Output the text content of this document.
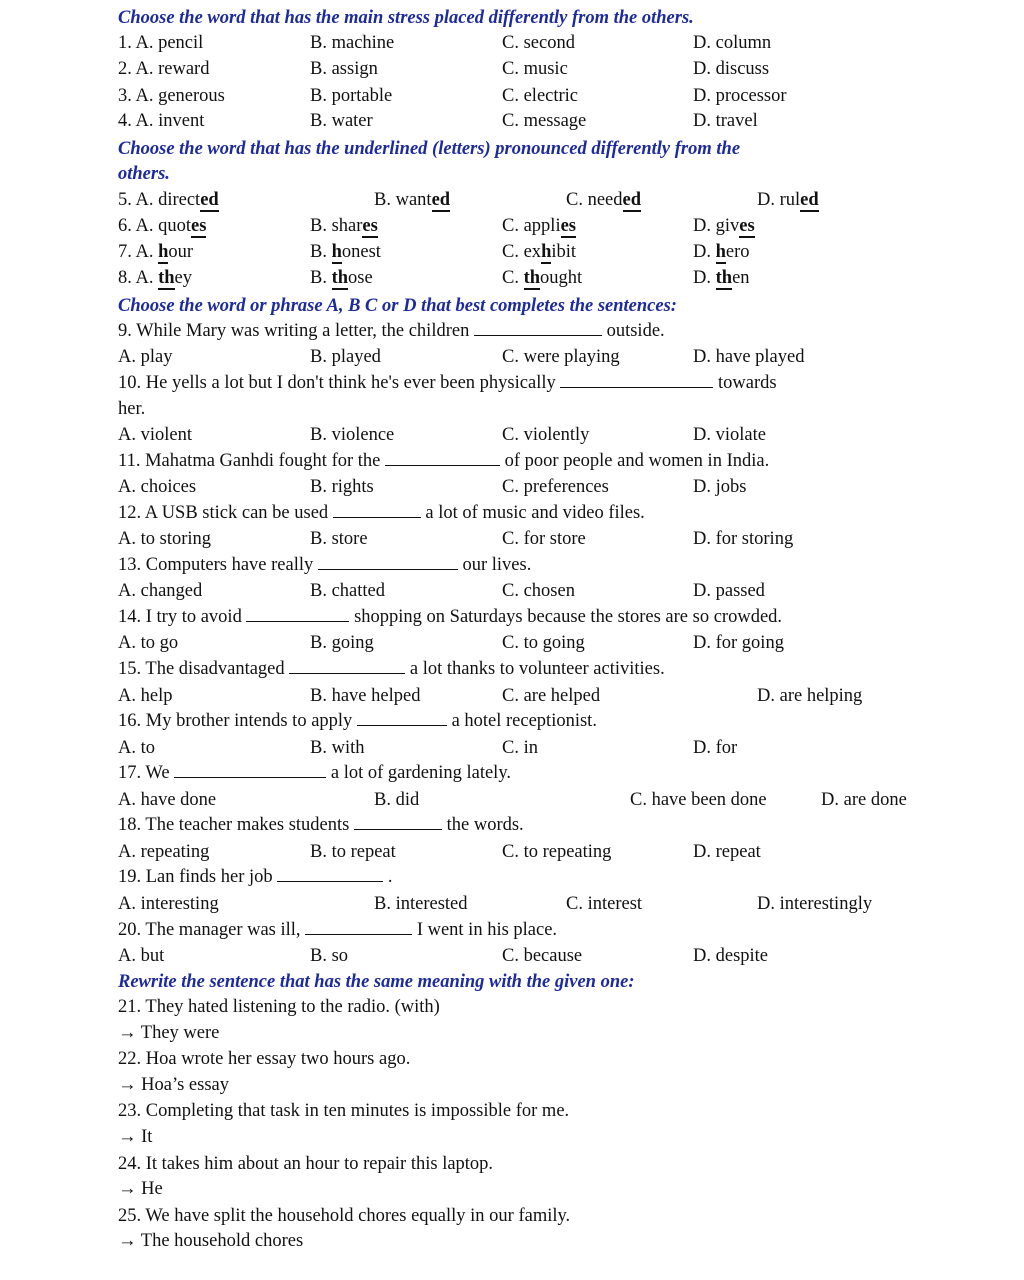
Choose the word that has the main stress placed differently from the others.
1. A. pencil	B. machine	C. second	D. column
2. A. reward	B. assign	C. music	D. discuss
3. A. generous	B. portable	C. electric	D. processor
4. A. invent	B. water	C. message	D. travel
Choose the word that has the underlined (letters) pronounced differently from the
others.
5. A. directed	B. wanted	C. needed	D. ruled
6. A. quotes	B. shares	C. applies	D. gives
7. A. hour	B. honest	C. exhibit	D. hero
8. A. they	B. those	C. thought	D. then
Choose the word or phrase A, B C or D that best completes the sentences:
9. While Mary was writing a letter, the children	outside.
A. play	B. played	C. were playing	D. have played
10. He yells a lot but I don't think he's ever been physically	towards
her.
A. violent	B. violence	C. violently	D. violate
11. Mahatma Ganhdi fought for the	of poor people and women in India.
A. choices	B. rights	C. preferences	D. jobs
12. A USB stick can be used	a lot of music and video files.
A. to storing	B. store	C. for store	D. for storing
13. Computers have really	our lives.
A. changed	B. chatted	C. chosen	D. passed
14. I try to avoid	shopping on Saturdays because the stores are so crowded.
A. to go	B. going	C. to going	D. for going
15. The disadvantaged	a lot thanks to volunteer activities.
A. help	B. have helped	C. are helped	D. are helping
16. My brother intends to apply	a hotel receptionist.
A. to	B. with	C. in	D. for
17. We	a lot of gardening lately.
A. have done	B. did	C. have been done	D. are done
18. The teacher makes students	the words.
A. repeating	B. to repeat	C. to repeating	D. repeat
19. Lan finds her job	.
A. interesting	B. interested	C. interest	D. interestingly
20. The manager was ill,	I went in his place.
A. but	B. so	C. because	D. despite
Rewrite the sentence that has the same meaning with the given one:
21. They hated listening to the radio. (with)
→ They were
22. Hoa wrote her essay two hours ago.
→ Hoa’s essay
23. Completing that task in ten minutes is impossible for me.
→ It
24. It takes him about an hour to repair this laptop.
→ He
25. We have split the household chores equally in our family.
→ The household chores
